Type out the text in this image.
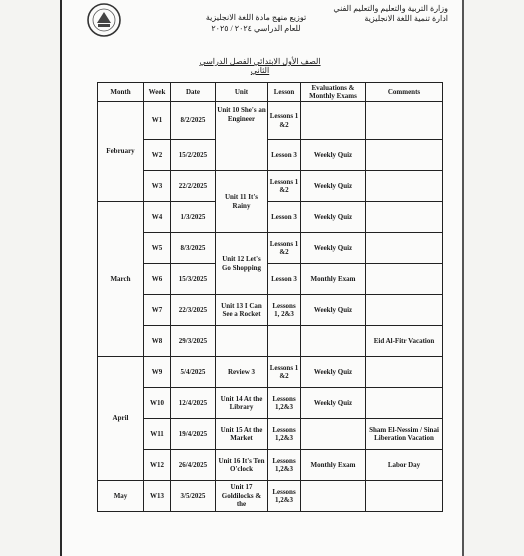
وزارة التربية والتعليم والتعليم الفني
ادارة تنمية اللغة الانجليزية
توزيع منهج مادة اللغة الانجليزية
للعام الدراسي ٢٠٢٤ / ٢٠٢٥
الصف الأول الابتدائي الفصل الدراسي الثاني
Month	Week	Date	Unit	Lesson	Evaluations & Monthly Exams	Comments
February	W1	8/2/2025	Unit 10 She's an Engineer	Lessons 1 &2		
	W2	15/2/2025		Lesson 3	Weekly Quiz	
	W3	22/2/2025	Unit 11 It's Rainy	Lessons 1 &2	Weekly Quiz	
March	W4	1/3/2025		Lesson 3	Weekly Quiz	
	W5	8/3/2025	Unit 12 Let's Go Shopping	Lessons 1 &2	Weekly Quiz	
	W6	15/3/2025		Lesson 3	Monthly Exam	
	W7	22/3/2025	Unit 13 I Can See a Rocket	Lessons 1, 2&3	Weekly Quiz	
	W8	29/3/2025				Eid Al-Fitr Vacation
April	W9	5/4/2025	Review 3	Lessons 1 &2	Weekly Quiz	
	W10	12/4/2025	Unit 14 At the Library	Lessons 1,2&3	Weekly Quiz	
	W11	19/4/2025	Unit 15 At the Market	Lessons 1,2&3		Sham El-Nessim / Sinai Liberation Vacation
	W12	26/4/2025	Unit 16 It's Ten O'clock	Lessons 1,2&3	Monthly Exam	Labor Day
May	W13	3/5/2025	Unit 17 Goldilocks & the	Lessons 1,2&3		
